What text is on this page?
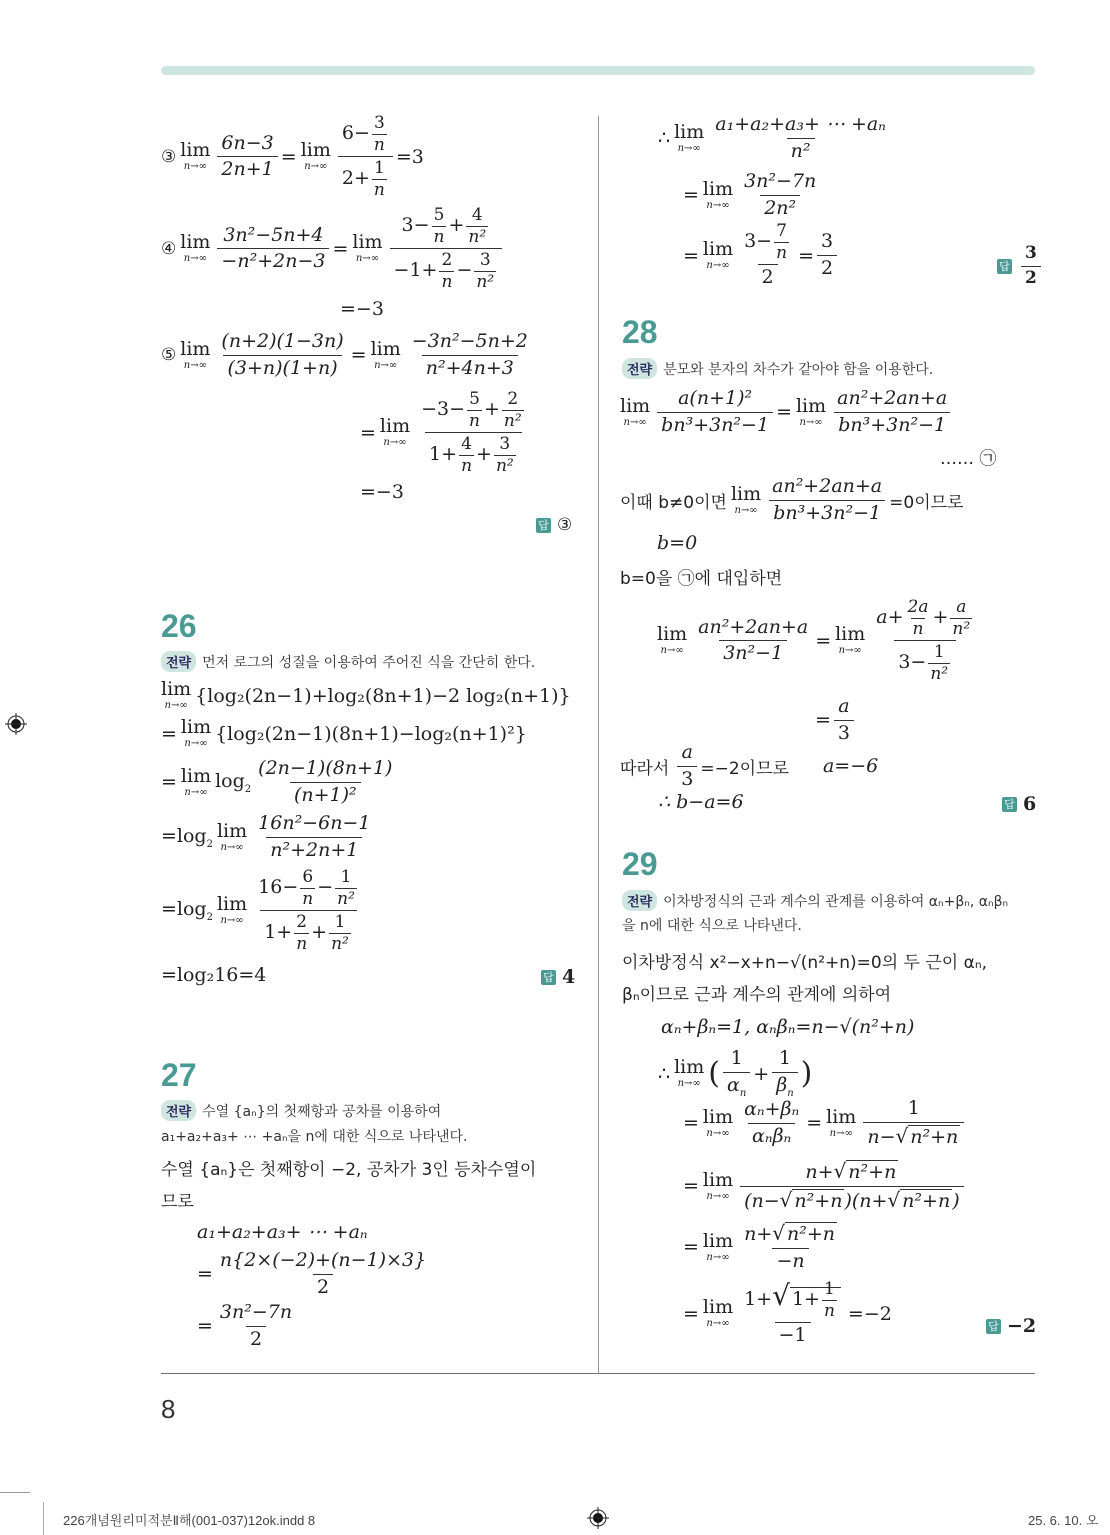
8
③ lim
$n\to\infty \frac{6n-3}{2n+1} = \lim$
$n\to\infty \frac{6- \frac{3}{n}}{2+ \frac{1}{n}} =3$
④ lim
$n\to\infty \frac{\text{3n²−5n+4}}{\text{−n²+2n−3}} = \lim$
$n\to\infty \frac{3- \frac{5}{n} + \frac{4}{\text{n²}}}{-1+ \frac{2}{n} - \frac{3}{\text{n²}}}$
=−3
⑤ lim
$n\to\infty \frac{(n+2)(1-3n)}{(3+n)(1+n)} = \lim$
$n\to\infty \frac{\text{−3n²−5n+2}}{\text{n²+4n+3}}$
= lim
$n\to\infty \frac{-3- \frac{5}{n} + \frac{2}{\text{n²}}}{1+ \frac{4}{n} + \frac{3}{\text{n²}}}$
=−3
답 ③
26
전략 먼저 로그의 성질을 이용하여 주어진 식을 간단히 한다.
lim
n→∞ {log₂(2n−1)+log₂(8n+1)−2 log₂(n+1)}
= lim
n→∞ {log₂(2n−1)(8n+1)−log₂(n+1)²}
= lim
n→∞
$\log_2 \frac{(2n-1)(8n+1)}{\text{(n+1)²}}$
$=\log_2$
lim
$n\to\infty \frac{\text{16n²−6n−1}}{\text{n²+2n+1}}$
$=\log_2$
lim
$n\to\infty \frac{16- \frac{6}{n} - \frac{1}{\text{n²}}}{1+ \frac{2}{n} + \frac{1}{\text{n²}}}$
=log₂16=4	답 4
27
전략 수열 {aₙ}의 첫째항과 공차를 이용하여
a₁+a₂+a₃+ ⋯ +aₙ을 n에 대한 식으로 나타낸다.
수열 {aₙ}은 첫째항이 −2, 공차가 3인 등차수열이
므로
a₁+a₂+a₃+ ⋯ +aₙ
= $\frac{n\{2\times(-2)+(n-1)\times 3\}}{2}$
= $\frac{\text{3n²−7n}}{2}$
∴ lim
$n\to\infty \frac{\text{a₁+a₂+a₃+ ⋯ +aₙ}}{\text{n²}}$
= lim
$n\to\infty \frac{\text{3n²−7n}}{\text{2n²}}$
= lim
$n\to\infty \frac{3- \frac{7}{n}}{2} = \frac{3}{2}$	답 $\frac{3}{2}$
28
전략 분모와 분자의 차수가 같아야 함을 이용한다.
lim
$n\to\infty \frac{\text{a(n+1)²}}{\text{bn³+3n²−1}} = \lim$
$n\to\infty \frac{\text{an²+2an+a}}{\text{bn³+3n²−1}}$
…… ㉠
이때 b≠0이면 lim
$n\to\infty \frac{\text{an²+2an+a}}{\text{bn³+3n²−1}} =0$이므로
b=0
b=0을 ㉠에 대입하면
lim
$n\to\infty \frac{\text{an²+2an+a}}{\text{3n²−1}} = \lim$
$n\to\infty \frac{a+ \frac{2a}{n} + \frac{a}{\text{n²}}}{3- \frac{1}{\text{n²}}}$
= $\frac{a}{3}$
따라서 $\frac{a}{3} =-2$이므로 a=−6
∴ b−a=6	답 6
29
전략 이차방정식의 근과 계수의 관계를 이용하여 αₙ+βₙ, αₙβₙ
을 n에 대한 식으로 나타낸다.
이차방정식 x²−x+n−√(n²+n)=0의 두 근이 αₙ,
βₙ이므로 근과 계수의 관계에 의하여
αₙ+βₙ=1, αₙβₙ=n−√(n²+n)
∴ lim
n→∞ ( $\frac{1}{\alpha_n} + \frac{1}{\beta_n}$ )
= lim
$n\to\infty \frac{\text{αₙ+βₙ}}{\text{αₙβₙ}} = \lim$
$n\to\infty \frac{1}{\text{n−√ n²+n}}$
= lim
$n\to\infty \frac{\text{n+√ n²+n}}{\text{(n−√ n²+n )(n+√ n²+n )}}$
= lim
$n\to\infty \frac{\text{n+√ n²+n}}{-n}$
= lim
$n\to\infty \frac{1+√ 1+ \frac{1}{n}}{-1} =-2$
답 −2
226개념원리미적분Ⅱ해(001-037)12ok.indd 8	25. 6. 10. 오
